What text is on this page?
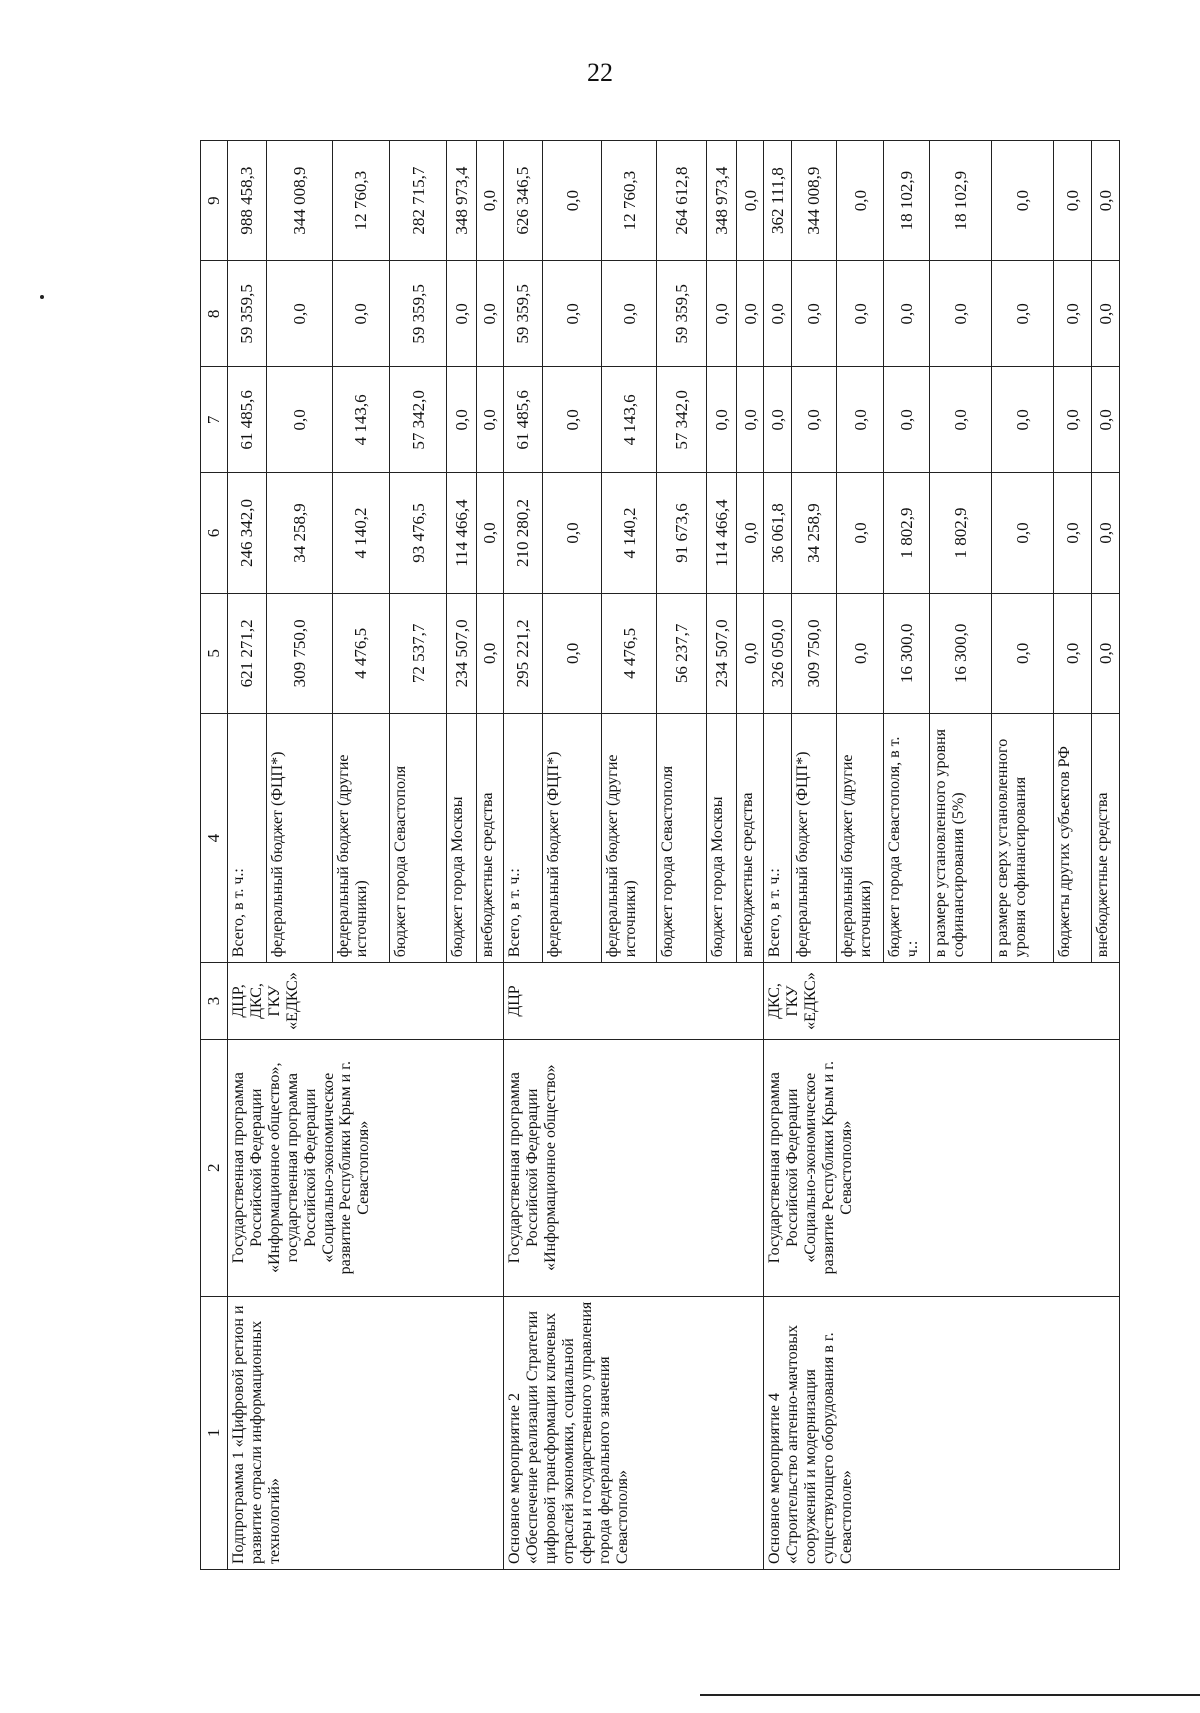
22
1	2	3	4	5	6	7	8	9
Подпрограмма 1 «Цифровой регион и развитие отрасли информационных технологий»	Государственная программа Российской Федерации «Информационное общество», государственная программа Российской Федерации «Социально-экономическое развитие Республики Крым и г. Севастополя»	ДЦР, ДКС, ГКУ «ЕДКС»	Всего, в т. ч.:	621 271,2	246 342,0	61 485,6	59 359,5	988 458,3
			федеральный бюджет (ФЦП*)	309 750,0	34 258,9	0,0	0,0	344 008,9
			федеральный бюджет (другие источники)	4 476,5	4 140,2	4 143,6	0,0	12 760,3
			бюджет города Севастополя	72 537,7	93 476,5	57 342,0	59 359,5	282 715,7
			бюджет города Москвы	234 507,0	114 466,4	0,0	0,0	348 973,4
			внебюджетные средства	0,0	0,0	0,0	0,0	0,0
Основное мероприятие 2 «Обеспечение реализации Стратегии цифровой трансформации ключевых отраслей экономики, социальной сферы и государственного управления города федерального значения Севастополя»	Государственная программа Российской Федерации «Информационное общество»	ДЦР	Всего, в т. ч.:	295 221,2	210 280,2	61 485,6	59 359,5	626 346,5
			федеральный бюджет (ФЦП*)	0,0	0,0	0,0	0,0	0,0
			федеральный бюджет (другие источники)	4 476,5	4 140,2	4 143,6	0,0	12 760,3
			бюджет города Севастополя	56 237,7	91 673,6	57 342,0	59 359,5	264 612,8
			бюджет города Москвы	234 507,0	114 466,4	0,0	0,0	348 973,4
			внебюджетные средства	0,0	0,0	0,0	0,0	0,0
Основное мероприятие 4 «Строительство антенно-мачтовых сооружений и модернизация существующего оборудования в г. Севастополе»	Государственная программа Российской Федерации «Социально-экономическое развитие Республики Крым и г. Севастополя»	ДКС, ГКУ «ЕДКС»	Всего, в т. ч.:	326 050,0	36 061,8	0,0	0,0	362 111,8
			федеральный бюджет (ФЦП*)	309 750,0	34 258,9	0,0	0,0	344 008,9
			федеральный бюджет (другие источники)	0,0	0,0	0,0	0,0	0,0
			бюджет города Севастополя, в т. ч.:	16 300,0	1 802,9	0,0	0,0	18 102,9
			в размере установленного уровня софинансирования (5%)	16 300,0	1 802,9	0,0	0,0	18 102,9
			в размере сверх установленного уровня софинансирования	0,0	0,0	0,0	0,0	0,0
			бюджеты других субъектов РФ	0,0	0,0	0,0	0,0	0,0
			внебюджетные средства	0,0	0,0	0,0	0,0	0,0
